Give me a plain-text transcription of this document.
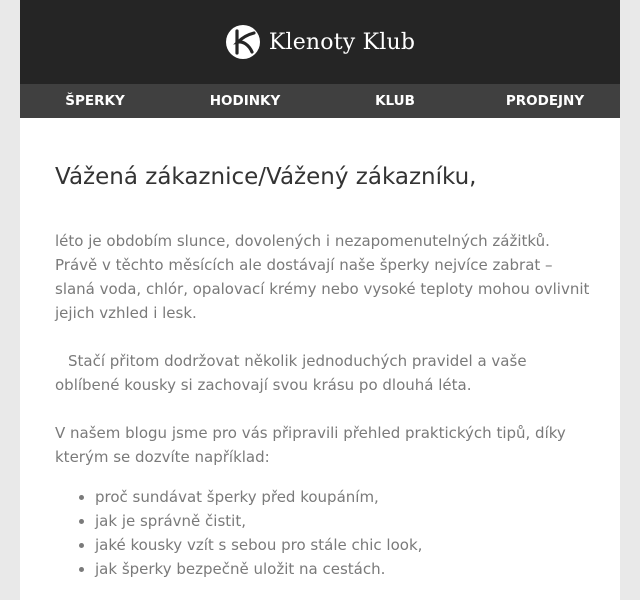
Klenoty Klub
ŠPERKY	HODINKY	KLUB	PRODEJNY
Vážená zákaznice/Vážený zákazníku,

léto je obdobím slunce, dovolených i nezapomenutelných zážitků. Právě v těchto měsících ale dostávají naše šperky nejvíce zabrat – slaná voda, chlór, opalovací krémy nebo vysoké teploty mohou ovlivnit jejich vzhled i lesk.

Stačí přitom dodržovat několik jednoduchých pravidel a vaše oblíbené kousky si zachovají svou krásu po dlouhá léta.

V našem blogu jsme pro vás připravili přehled praktických tipů, díky kterým se dozvíte například:

• proč sundávat šperky před koupáním,
• jak je správně čistit,
• jaké kousky vzít s sebou pro stále chic look,
• jak šperky bezpečně uložit na cestách.
